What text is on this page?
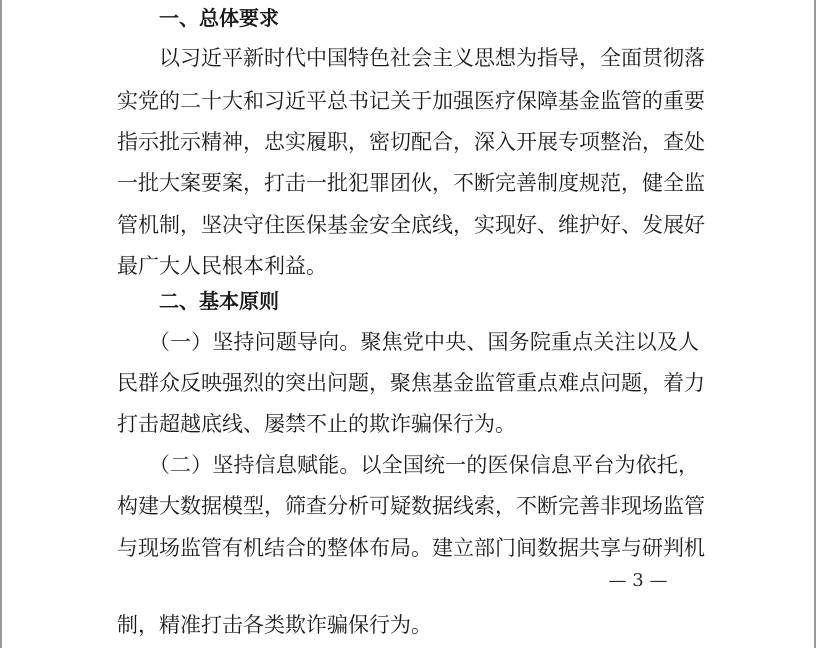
一、总体要求
　　以习近平新时代中国特色社会主义思想为指导，全面贯彻落
实党的二十大和习近平总书记关于加强医疗保障基金监管的重要
指示批示精神，忠实履职，密切配合，深入开展专项整治，查处
一批大案要案，打击一批犯罪团伙，不断完善制度规范，健全监
管机制，坚决守住医保基金安全底线，实现好、维护好、发展好
最广大人民根本利益。
二、基本原则
　　（一）坚持问题导向。聚焦党中央、国务院重点关注以及人
民群众反映强烈的突出问题，聚焦基金监管重点难点问题，着力
打击超越底线、屡禁不止的欺诈骗保行为。
　　（二）坚持信息赋能。以全国统一的医保信息平台为依托，
构建大数据模型，筛查分析可疑数据线索，不断完善非现场监管
与现场监管有机结合的整体布局。建立部门间数据共享与研判机
— 3 —
制，精准打击各类欺诈骗保行为。
